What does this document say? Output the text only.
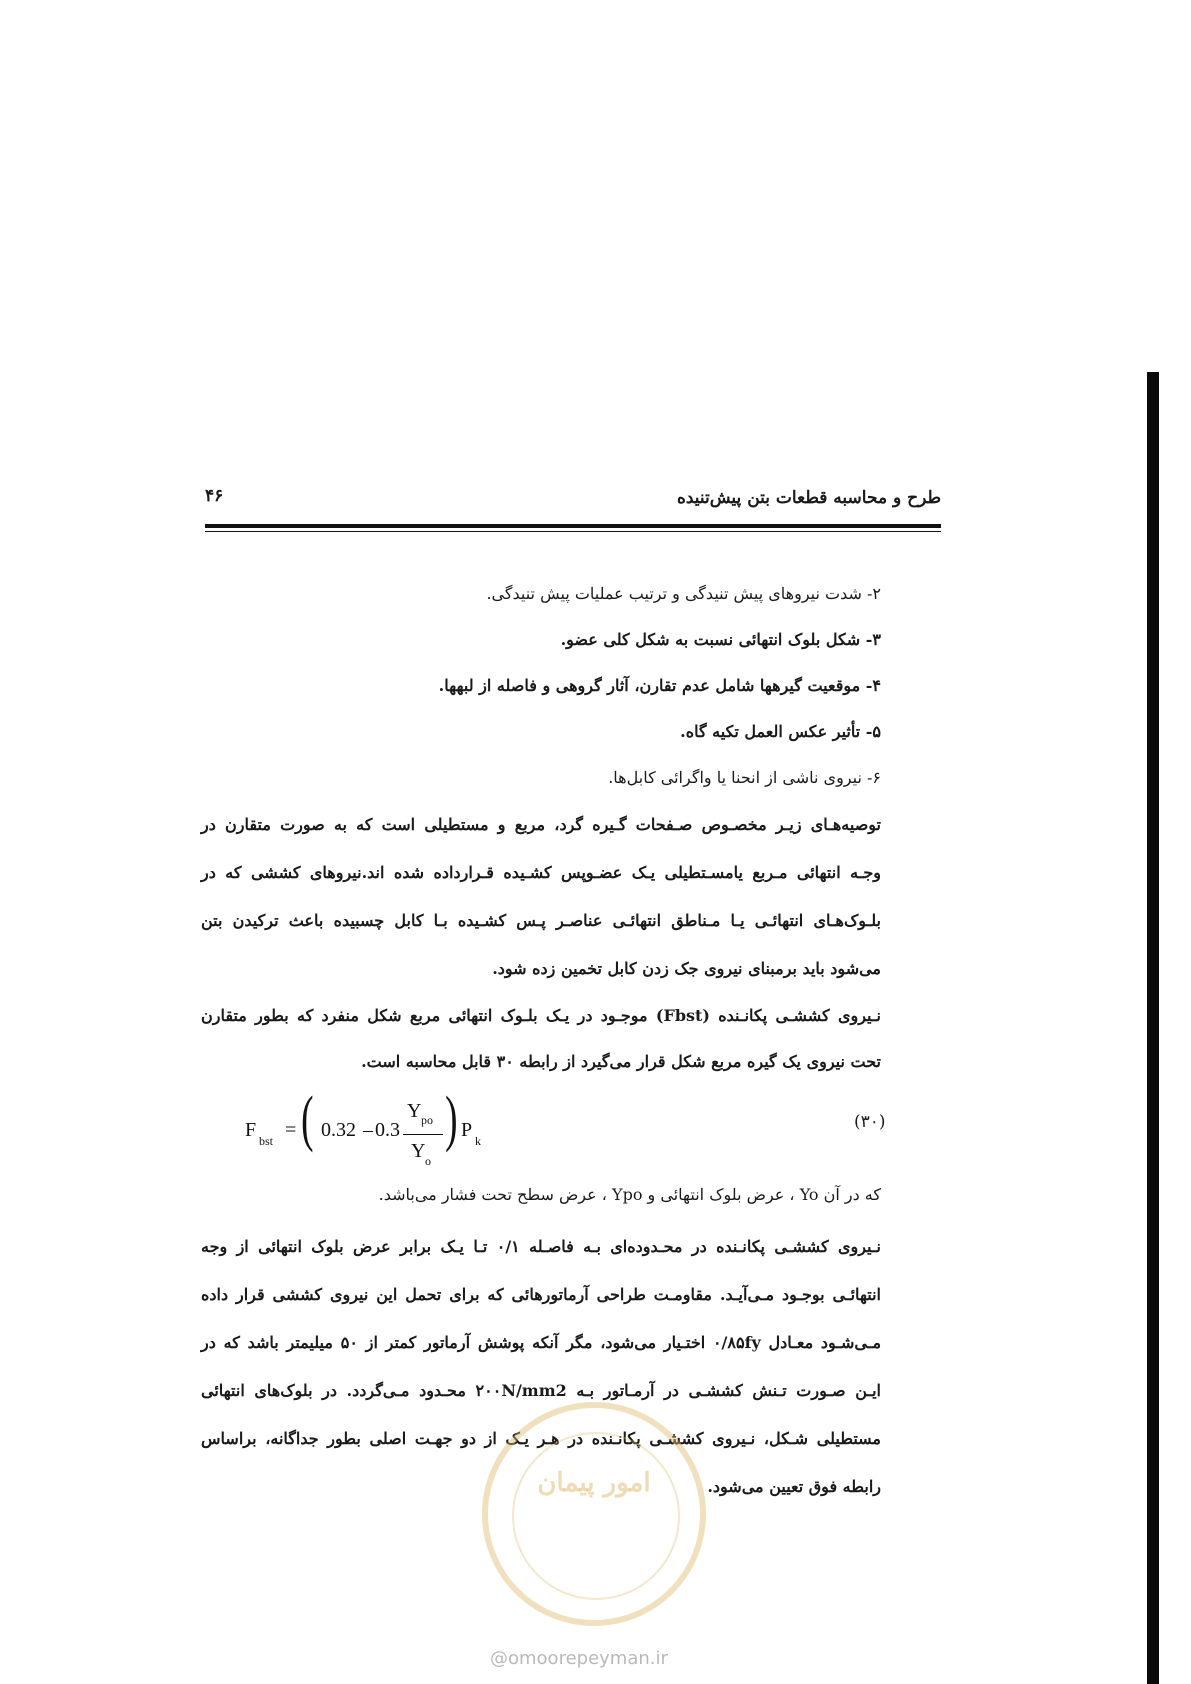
۴۶	طرح و محاسبه قطعات بتن پیش‌تنیده
۲- شدت نیروهای پیش تنیدگی و ترتیب عملیات پیش تنیدگی.
۳- شکل بلوک انتهائی نسبت به شکل کلی عضو.
۴- موقعیت گیرهها شامل عدم تقارن، آثار گروهی و فاصله از لبهها.
۵- تأثیر عکس العمل تکیه گاه.
۶- نیروی ناشی از انحنا یا واگرائی کابل‌ها.
توصیه‌هـای زیـر مخصـوص صـفحات گـیره گرد، مربع و مستطیلی است که به صورت متقارن در
وجـه انتهائی مـربع یامسـتطیلی یـک عضـوپس کشـیده قـرارداده شده اند.نیروهای کششی که در
بلـوک‌هـای انتهائـی یـا مـناطق انتهائـی عناصـر پـس کشـیده بـا کابل چسبیده باعث ترکیدن بتن
می‌شود باید برمبنای نیروی جک زدن کابل تخمین زده شود.
نـیروی کششـی پکانـنده (Fbst) موجـود در یـک بلـوک انتهائی مربع شکل منفرد که بطور متقارن
تحت نیروی یک گیره مربع شکل قرار می‌گیرد از رابطه ۳۰ قابل محاسبه است.
F bst = ( 0.32 – 0.3
Y po
Y o
) P k
(۳۰)
که در آن Yo ، عرض بلوک انتهائی و Ypo ، عرض سطح تحت فشار می‌باشد.
نـیروی کششـی پکانـنده در محـدوده‌ای بـه فاصـله ۰/۱ تـا یـک برابر عرض بلوک انتهائی از وجه
انتهائـی بوجـود مـی‌آیـد. مقاومـت طراحی آرماتورهائی که برای تحمل این نیروی کششی قرار داده
مـی‌شـود معـادل ۰/۸۵fy اختـیار می‌شود، مگر آنکه پوشش آرماتور کمتر از ۵۰ میلیمتر باشد که در
ایـن صـورت تـنش کششـی در آرمـاتور بـه ۲۰۰N/mm2 محـدود مـی‌گردد. در بلوک‌های انتهائی
مستطیلی شـکل، نـیروی کششـی پکانـنده در هـر یـک از دو جهـت اصلی بطور جداگانه، براساس
رابطه فوق تعیین می‌شود.
امور پیمان
@omoorepeyman.ir
